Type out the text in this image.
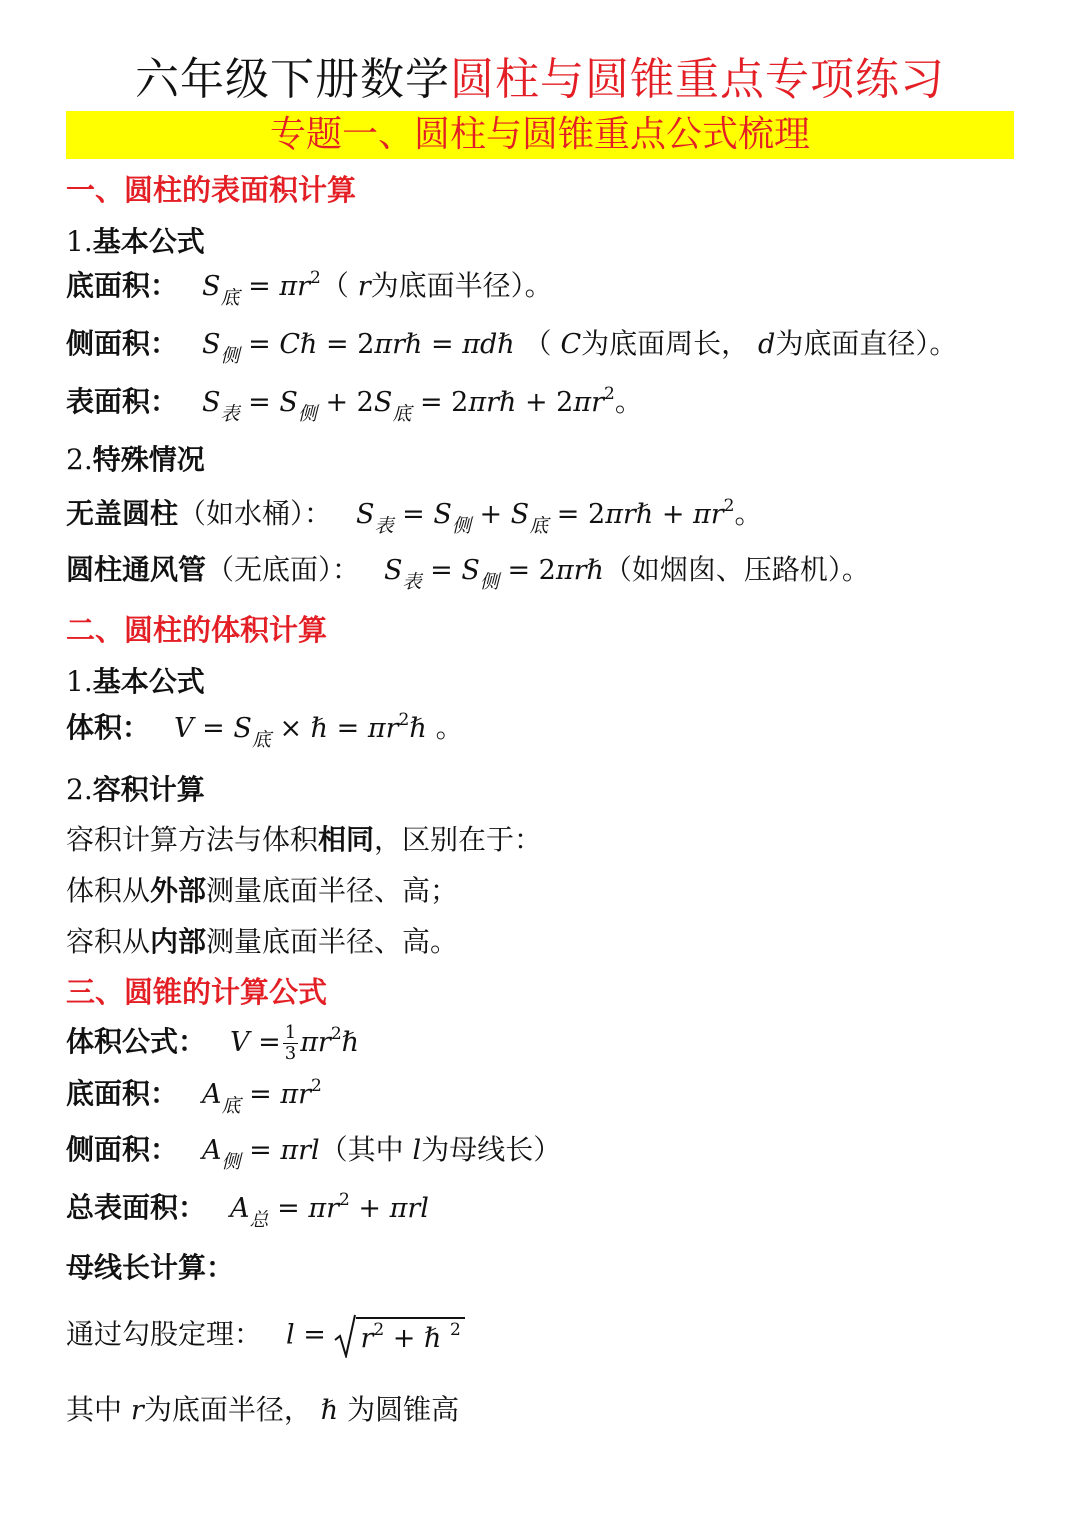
六年级下册数学圆柱与圆锥重点专项练习
专题一、圆柱与圆锥重点公式梳理
一、圆柱的表面积计算
1.基本公式
底面积： $S_底 = \pi r^2$（ r为底面半径）。
侧面积： $S_侧$ = Cℏ = 2πrℏ = πdℏ （ C为底面周长， d为底面直径）。
表面积： $S_表 = S_侧 + 2S_底$ = 2πrℏ + $2\pi r^2$。
2.特殊情况
无盖圆柱（如水桶）： $S_表 = S_侧 + S_底$ = 2πrℏ + $\pi r^2$。
圆柱通风管（无底面）： $S_表 = S_侧$ = 2πrℏ（如烟囱、压路机）。
二、圆柱的体积计算
1.基本公式
体积： $V = S_底$ × ℏ = $\pi r^2\hbar$ 。
2.容积计算
容积计算方法与体积相同，区别在于：
体积从外部测量底面半径、高；
容积从内部测量底面半径、高。
三、圆锥的计算公式
体积公式： $V = \frac{1}{3}$ $\pi r^2\hbar$
底面积： $A_底 = \pi r^2$
侧面积： $A_侧 = \pi rl$（其中 l为母线长）
总表面积： $A_总 = \pi r^2 + \pi rl$
母线长计算：
通过勾股定理： $l = r^2$ + ℏ $^2$
其中 r为底面半径， ℏ 为圆锥高
